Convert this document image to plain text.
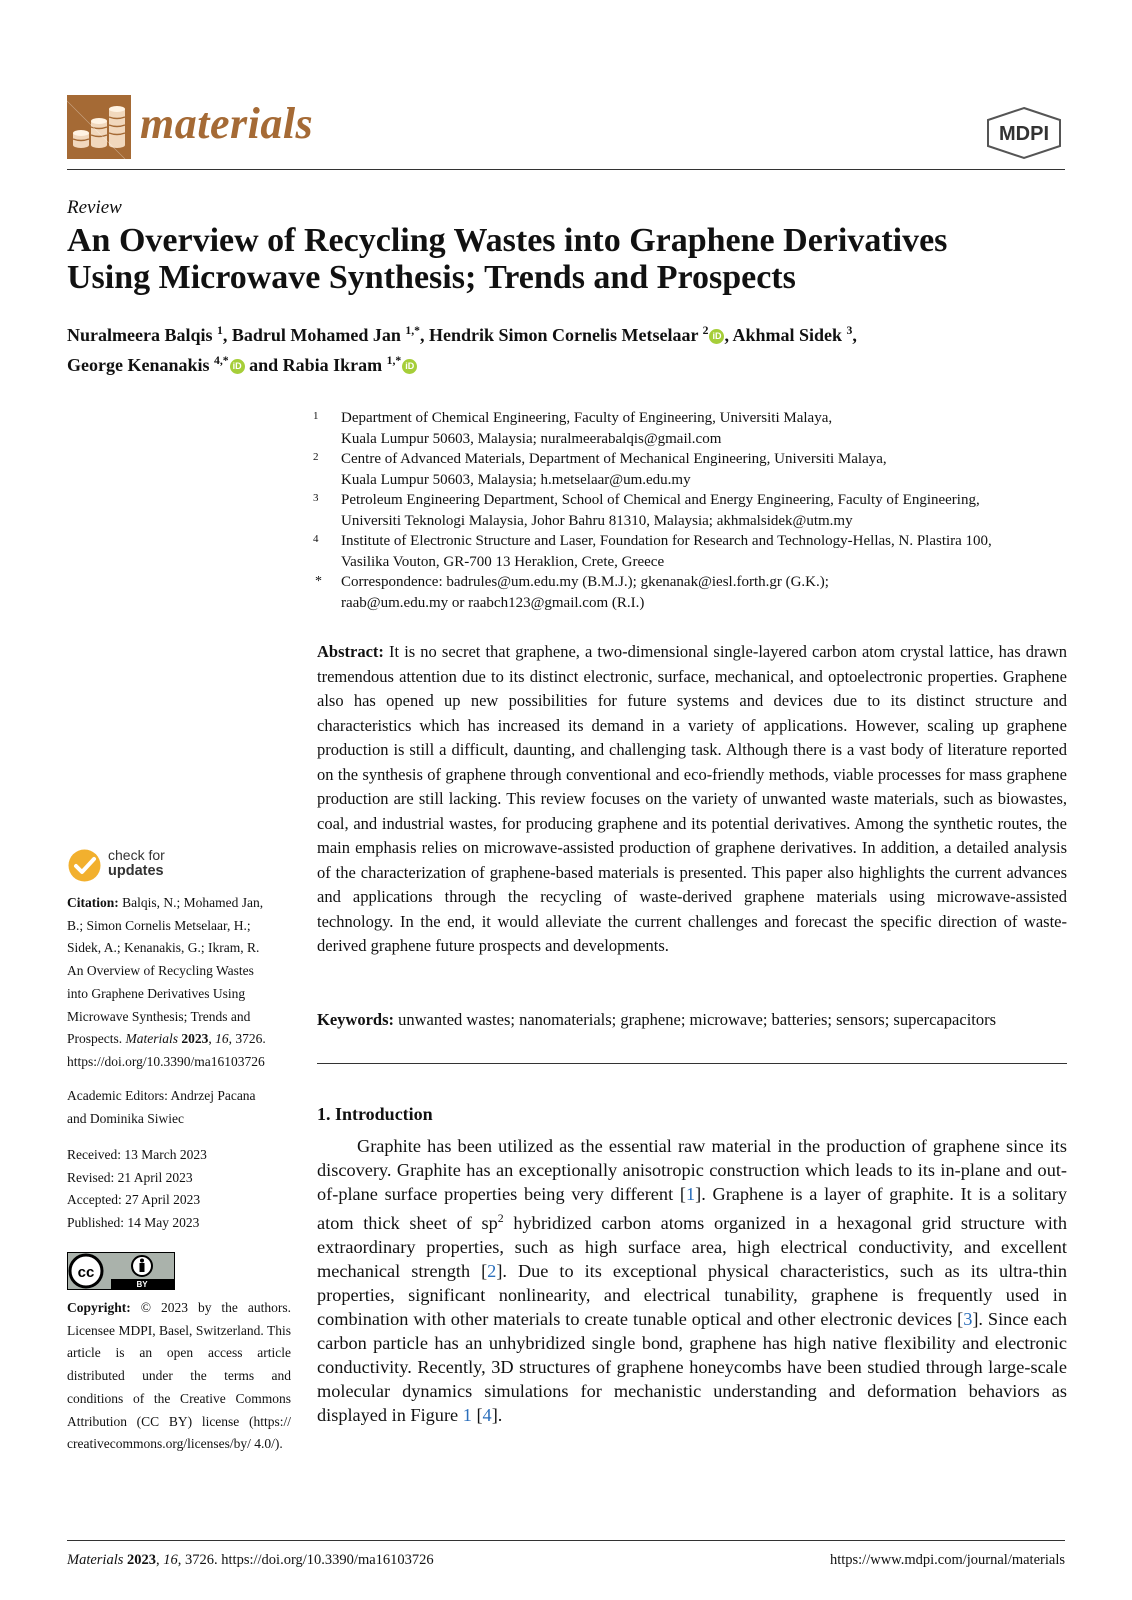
materials	MDPI
Review
An Overview of Recycling Wastes into Graphene Derivatives
Using Microwave Synthesis; Trends and Prospects
Nuralmeera Balqis $^1$, Badrul Mohamed Jan $^{1,*}$, Hendrik Simon Cornelis Metselaar $^2$ iD , Akhmal Sidek $^3$,
George Kenanakis $^{4,*}$ iD and Rabia Ikram $^{1,*}$ iD
1 Department of Chemical Engineering, Faculty of Engineering, Universiti Malaya,
Kuala Lumpur 50603, Malaysia; nuralmeerabalqis@gmail.com
2 Centre of Advanced Materials, Department of Mechanical Engineering, Universiti Malaya,
Kuala Lumpur 50603, Malaysia; h.metselaar@um.edu.my
3 Petroleum Engineering Department, School of Chemical and Energy Engineering, Faculty of Engineering,
Universiti Teknologi Malaysia, Johor Bahru 81310, Malaysia; akhmalsidek@utm.my
4 Institute of Electronic Structure and Laser, Foundation for Research and Technology-Hellas, N. Plastira 100,
Vasilika Vouton, GR-700 13 Heraklion, Crete, Greece
* Correspondence: badrules@um.edu.my (B.M.J.); gkenanak@iesl.forth.gr (G.K.);
raab@um.edu.my or raabch123@gmail.com (R.I.)
Abstract: It is no secret that graphene, a two-dimensional single-layered carbon atom crystal lattice, has drawn tremendous attention due to its distinct electronic, surface, mechanical, and optoelectronic properties. Graphene also has opened up new possibilities for future systems and devices due to its distinct structure and characteristics which has increased its demand in a variety of applications. However, scaling up graphene production is still a difficult, daunting, and challenging task. Although there is a vast body of literature reported on the synthesis of graphene through conventional and eco-friendly methods, viable processes for mass graphene production are still lacking. This review focuses on the variety of unwanted waste materials, such as biowastes, coal, and industrial wastes, for producing graphene and its potential derivatives. Among the synthetic routes, the main emphasis relies on microwave-assisted production of graphene derivatives. In addition, a detailed analysis of the characterization of graphene-based materials is presented. This paper also highlights the current advances and applications through the recycling of waste-derived graphene materials using microwave-assisted technology. In the end, it would alleviate the current challenges and forecast the specific direction of waste-derived graphene future prospects and developments.
Keywords: unwanted wastes; nanomaterials; graphene; microwave; batteries; sensors; supercapacitors
1. Introduction

Graphite has been utilized as the essential raw material in the production of graphene since its discovery. Graphite has an exceptionally anisotropic construction which leads to its in-plane and out-of-plane surface properties being very different [1]. Graphene is a layer of graphite. It is a solitary atom thick sheet of $sp^2$ hybridized carbon atoms organized in a hexagonal grid structure with extraordinary properties, such as high surface area, high electrical conductivity, and excellent mechanical strength [2]. Due to its exceptional physical characteristics, such as its ultra-thin properties, significant nonlinearity, and electrical tunability, graphene is frequently used in combination with other materials to create tunable optical and other electronic devices [3]. Since each carbon particle has an unhybridized single bond, graphene has high native flexibility and electronic conductivity. Recently, 3D structures of graphene honeycombs have been studied through large-scale molecular dynamics simulations for mechanistic understanding and deformation behaviors as displayed in Figure 1 [4].

check for
updates
Citation: Balqis, N.; Mohamed Jan, B.; Simon Cornelis Metselaar, H.; Sidek, A.; Kenanakis, G.; Ikram, R. An Overview of Recycling Wastes into Graphene Derivatives Using Microwave Synthesis; Trends and Prospects. Materials 2023, 16, 3726. https://doi.org/10.3390/ma16103726
Academic Editors: Andrzej Pacana and Dominika Siwiec
Received: 13 March 2023
Revised: 21 April 2023
Accepted: 27 April 2023
Published: 14 May 2023
BY
cc
Copyright: © 2023 by the authors. Licensee MDPI, Basel, Switzerland. This article is an open access article distributed under the terms and conditions of the Creative Commons Attribution (CC BY) license (https:// creativecommons.org/licenses/by/ 4.0/).
Materials 2023, 16, 3726. https://doi.org/10.3390/ma16103726	https://www.mdpi.com/journal/materials
